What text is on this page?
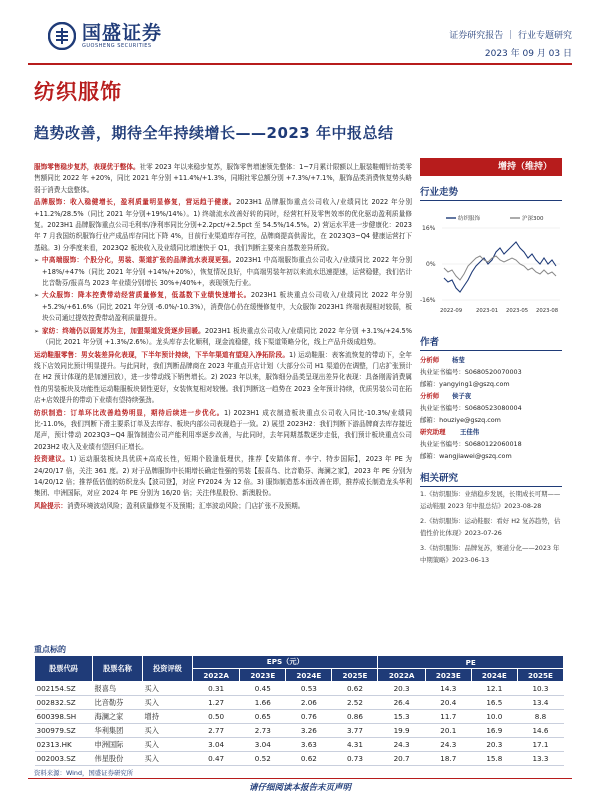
国盛证券
GUOSHENG SECURITIES
证券研究报告 ｜ 行业专题研究
2023 年 09 月 03 日
纺织服饰
趋势改善，期待全年持续增长——2023 年中报总结

服饰零售稳步复苏，表现优于整体。社零 2023 年以来稳步复苏，服饰零售增速领先整体：1~7月累计限额以上服装鞋帽针纺类零售额同比 2022 年 +20%，同比 2021 年分别 +11.4%/+1.3%，同期社零总额分别 +7.3%/+7.1%，服饰品类消费恢复势头略弱于消费大盘整体。

品牌服饰：收入稳健增长，盈利质量明显修复，营运趋于健康。2023H1 品牌服饰重点公司收入/业绩同比 2022 年分别 +11.2%/28.5%（同比 2021 年分别+19%/14%）。1) 终端流水改善好转的同时，经营杠杆及零售效率的优化驱动盈利质量修复。2023H1 品牌服饰重点公司毛利率/净利率同比分别+2.2pct/+2.5pct 至 54.5%/14.5%。2) 营运水平进一步健康化：2023 年 7 月我国纺织服饰行业产成品库存同比下降 4%，目前行业渠道库存可控，品牌商提高供需比，在 2023Q3~Q4 健康运营打下基础。3) 分季度来看，2023Q2 板块收入及业绩同比增速快于 Q1，我们判断主要来自基数差异所致。

➢ 中高端服饰：个股分化，男装、渠道扩张的品牌流水表现更强。2023H1 中高端服饰重点公司收入/业绩同比 2022 年分别 +18%/+47%（同比 2021 年分别 +14%/+20%），恢复情况良好，中高端男装年初以来流水迅速提速，运营稳健，我们估计比音勒芬/报喜鸟 2023 年业绩分别增长 30%+/40%+，表现领先行业。

➢ 大众服饰：降本控费带动经营质量修复，低基数下业绩快速增长。2023H1 板块重点公司收入/业绩同比 2022 年分别 +5.2%/+61.6%（同比 2021 年分别 -6.0%/-10.3%），消费信心仍在缓慢修复中，大众服饰 2023H1 终端表现相对较弱，板块公司通过提效控费带动盈利质量提升。

➢ 家纺：终端仍以弱复苏为主，加盟渠道发货逐步回暖。2023H1 板块重点公司收入/业绩同比 2022 年分别 +3.1%/+24.5%（同比 2021 年分别 +1.3%/2.6%）。龙头库存去化顺利，现金流稳健，线下渠道策略分化，线上产品升级成趋势。

运动鞋服零售：男女装差异化表现，下半年预计持续，下半年渠道有望迎入净拓阶段。1) 运动鞋服：表客流恢复的带动下，全年线下店效同比预计明显提升。与此同时，我们判断品牌商在 2023 年重点开店计划（大部分公司 H1 渠道仍在调整，门店扩张预计在 H2 预计体现的是加速回放），进一步带动线下销售增长。2) 2023 年以来，服饰细分品类呈现出差异化表现：具备刚需消费属性的男装板块及功能性运动鞋服板块韧性更好，女装恢复相对较慢。我们判断这一趋势在 2023 全年预计持续，优质男装公司在拓店+店效提升的带动下业绩有望持续强劲。

纺织制造：订单环比改善趋势明显，期待后续进一步优化。1) 2023H1 成衣制造板块重点公司收入同比-10.3%/业绩同比-11.0%，我们判断下滑主要系订单及去库存、板块内部公司表现趋于一致。2) 展望 2023H2：我们判断下游品牌商去库存接近尾声，预计带动 2023Q3~Q4 服饰制造公司产能利用率逐步改善，与此同时，去年同期基数逐步走低，我们预计板块重点公司 2023H2 收入及业绩有望回归正增长。

投资建议。1) 运动服装板块具优质+高成长性，短期个股逢低埋伏，推荐【安踏体育、李宁、特步国际】，2023 年 PE 为 24/20/17 倍，关注 361 度。2) 对于品牌服饰中长期增长确定性强的男装【报喜鸟、比音勒芬、海澜之家】，2023 年 PE 分别为 14/20/12 倍；推荐低估值的纺织龙头【波司登】，对应 FY2024 为 12 倍。3) 服饰制造基本面改善在即，推荐成长制造龙头华利集团、申洲国际，对应 2024 年 PE 分别为 16/20 倍；关注伟星股份、新澳股份。

风险提示：消费环境波动风险；盈利质量修复不及预期；汇率波动风险；门店扩张不及预期。

增持（维持）
行业走势
16%
0%
-16%
纺织服饰	沪深300
2022-09	2023-01 2023-05 2023-08
作者
分析师 杨莹
执业证书编号：S0680520070003
邮箱：yangying1@gszq.com
分析师 侯子夜
执业证书编号：S0680523080004
邮箱：houziye@gszq.com
研究助理 王佳伟
执业证书编号：S0680122060018
邮箱：wangjiawei@gszq.com
相关研究

1.《纺织服饰：业绩稳步发展，长期成长可期——运动鞋服 2023 年中报总结》2023-08-28

2.《纺织服饰：运动鞋服：看好 H2 复苏趋势，估值性价比体现》2023-07-26

3.《纺织服饰：品牌复苏，赛道分化——2023 年中期策略》2023-06-13

重点标的
股票代码	股票名称	投资评级	EPS（元）				PE			
			2022A	2023E	2024E	2025E	2022A	2023E	2024E	2025E
002154.SZ	报喜鸟	买入	0.31	0.45	0.53	0.62	20.3	14.3	12.1	10.3
002832.SZ	比音勒芬	买入	1.27	1.66	2.06	2.52	26.4	20.4	16.5	13.4
600398.SH	海澜之家	增持	0.50	0.65	0.76	0.86	15.3	11.7	10.0	8.8
300979.SZ	华利集团	买入	2.77	2.73	3.26	3.77	19.9	20.1	16.9	14.6
02313.HK	申洲国际	买入	3.04	3.04	3.63	4.31	24.3	24.3	20.3	17.1
002003.SZ	伟星股份	买入	0.47	0.52	0.62	0.73	20.7	18.7	15.8	13.3
资料来源：Wind，国盛证券研究所
请仔细阅读本报告末页声明
